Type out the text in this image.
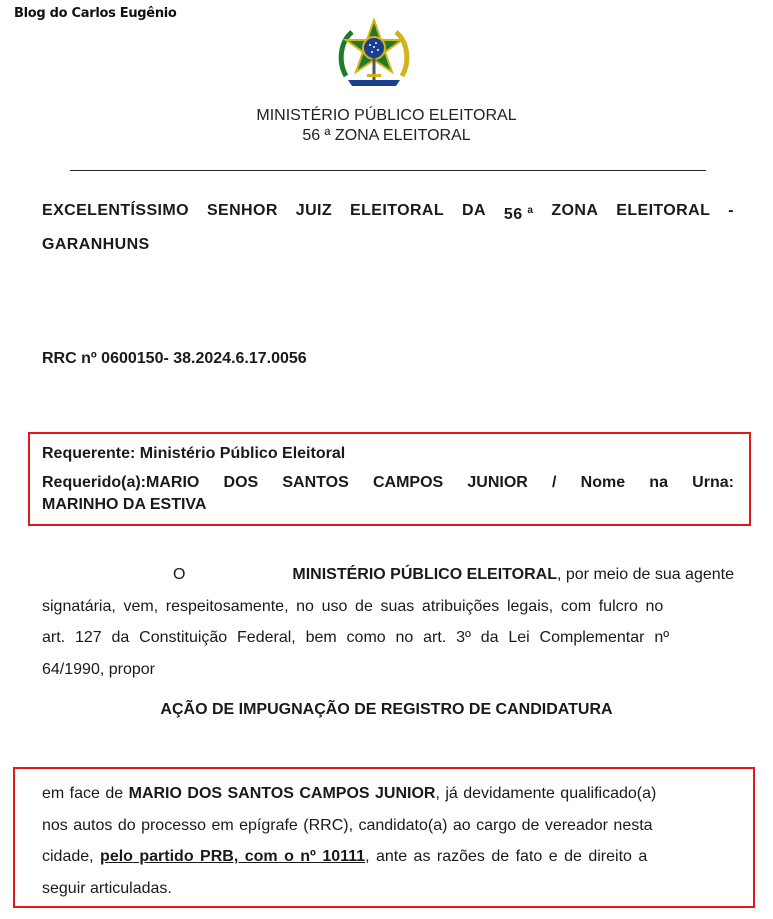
Blog do Carlos Eugênio
MINISTÉRIO PÚBLICO ELEITORAL
56 ª ZONA ELEITORAL
EXCELENTÍSSIMO SENHOR JUIZ ELEITORAL DA 56 $^a$ ZONA ELEITORAL -
GARANHUNS
RRC nº 0600150- 38.2024.6.17.0056
Requerente: Ministério Público Eleitoral
Requerido(a):MARIO DOS SANTOS CAMPOS JUNIOR / Nome na Urna:
MARINHO DA ESTIVA
O	MINISTÉRIO PÚBLICO ELEITORAL, por meio de sua agente
signatária, vem, respeitosamente, no uso de suas atribuições legais, com fulcro no
art. 127 da Constituição Federal, bem como no art. 3º da Lei Complementar nº
64/1990, propor
AÇÃO DE IMPUGNAÇÃO DE REGISTRO DE CANDIDATURA
em face de MARIO DOS SANTOS CAMPOS JUNIOR, já devidamente qualificado(a)
nos autos do processo em epígrafe (RRC), candidato(a) ao cargo de vereador nesta
cidade, pelo partido PRB, com o nº 10111, ante as razões de fato e de direito a
seguir articuladas.
